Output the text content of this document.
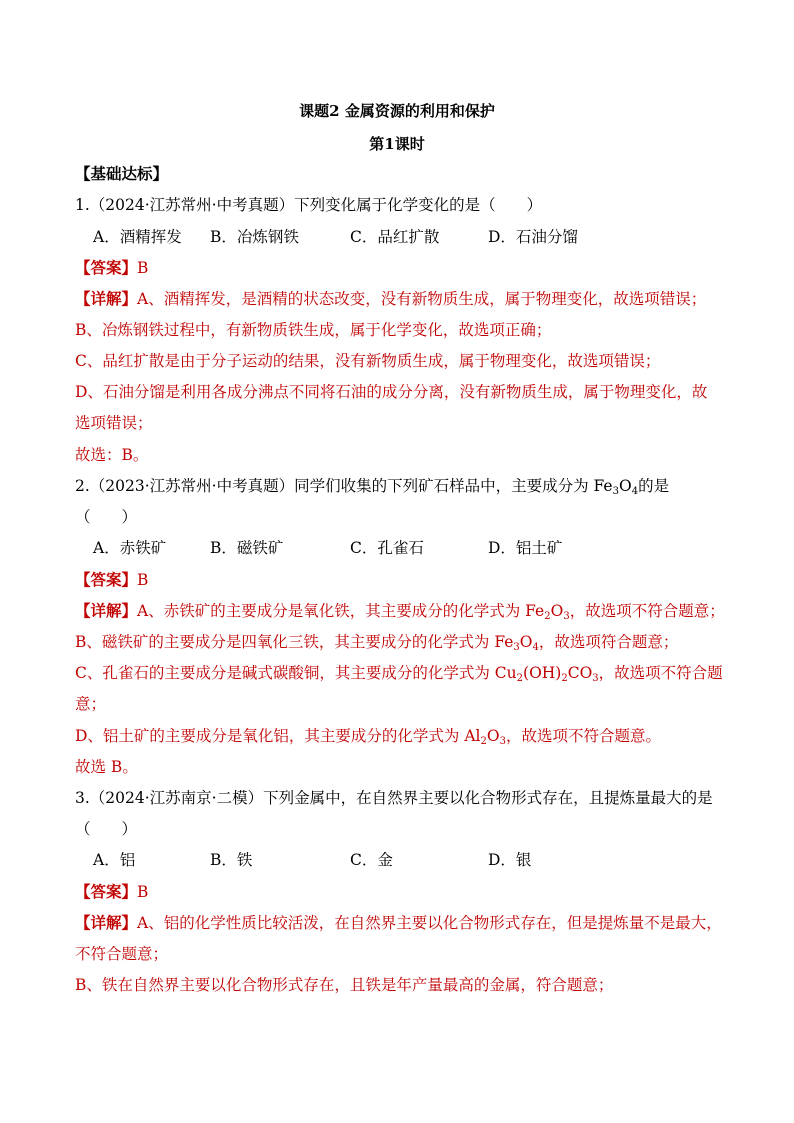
课题2 金属资源的利用和保护
第1课时
【基础达标】
1.（2024·江苏常州·中考真题）下列变化属于化学变化的是（　　）
A．酒精挥发 B．冶炼钢铁	C．品红扩散	D．石油分馏
【答案】B
【详解】A、酒精挥发，是酒精的状态改变，没有新物质生成，属于物理变化，故选项错误；
B、冶炼钢铁过程中，有新物质铁生成，属于化学变化，故选项正确；
C、品红扩散是由于分子运动的结果，没有新物质生成，属于物理变化，故选项错误；
D、石油分馏是利用各成分沸点不同将石油的成分分离，没有新物质生成，属于物理变化，故
选项错误；
故选：B。
2.（2023·江苏常州·中考真题）同学们收集的下列矿石样品中，主要成分为 $Fe_3O_4$的是
（　　）
A．赤铁矿	B．磁铁矿	C．孔雀石	D．铝土矿
【答案】B
【详解】A、赤铁矿的主要成分是氧化铁，其主要成分的化学式为 $Fe_2O_3$，故选项不符合题意；
B、磁铁矿的主要成分是四氧化三铁，其主要成分的化学式为 $Fe_3O_4$，故选项符合题意；
C、孔雀石的主要成分是碱式碳酸铜，其主要成分的化学式为 $Cu_2(OH)_2CO_3$，故选项不符合题
意；
D、铝土矿的主要成分是氧化铝，其主要成分的化学式为 $Al_2O_3$，故选项不符合题意。
故选 B。
3.（2024·江苏南京·二模）下列金属中，在自然界主要以化合物形式存在，且提炼量最大的是
（　　）
A．铝	B．铁	C．金	D．银
【答案】B
【详解】A、铝的化学性质比较活泼，在自然界主要以化合物形式存在，但是提炼量不是最大，
不符合题意；
B、铁在自然界主要以化合物形式存在，且铁是年产量最高的金属，符合题意；
